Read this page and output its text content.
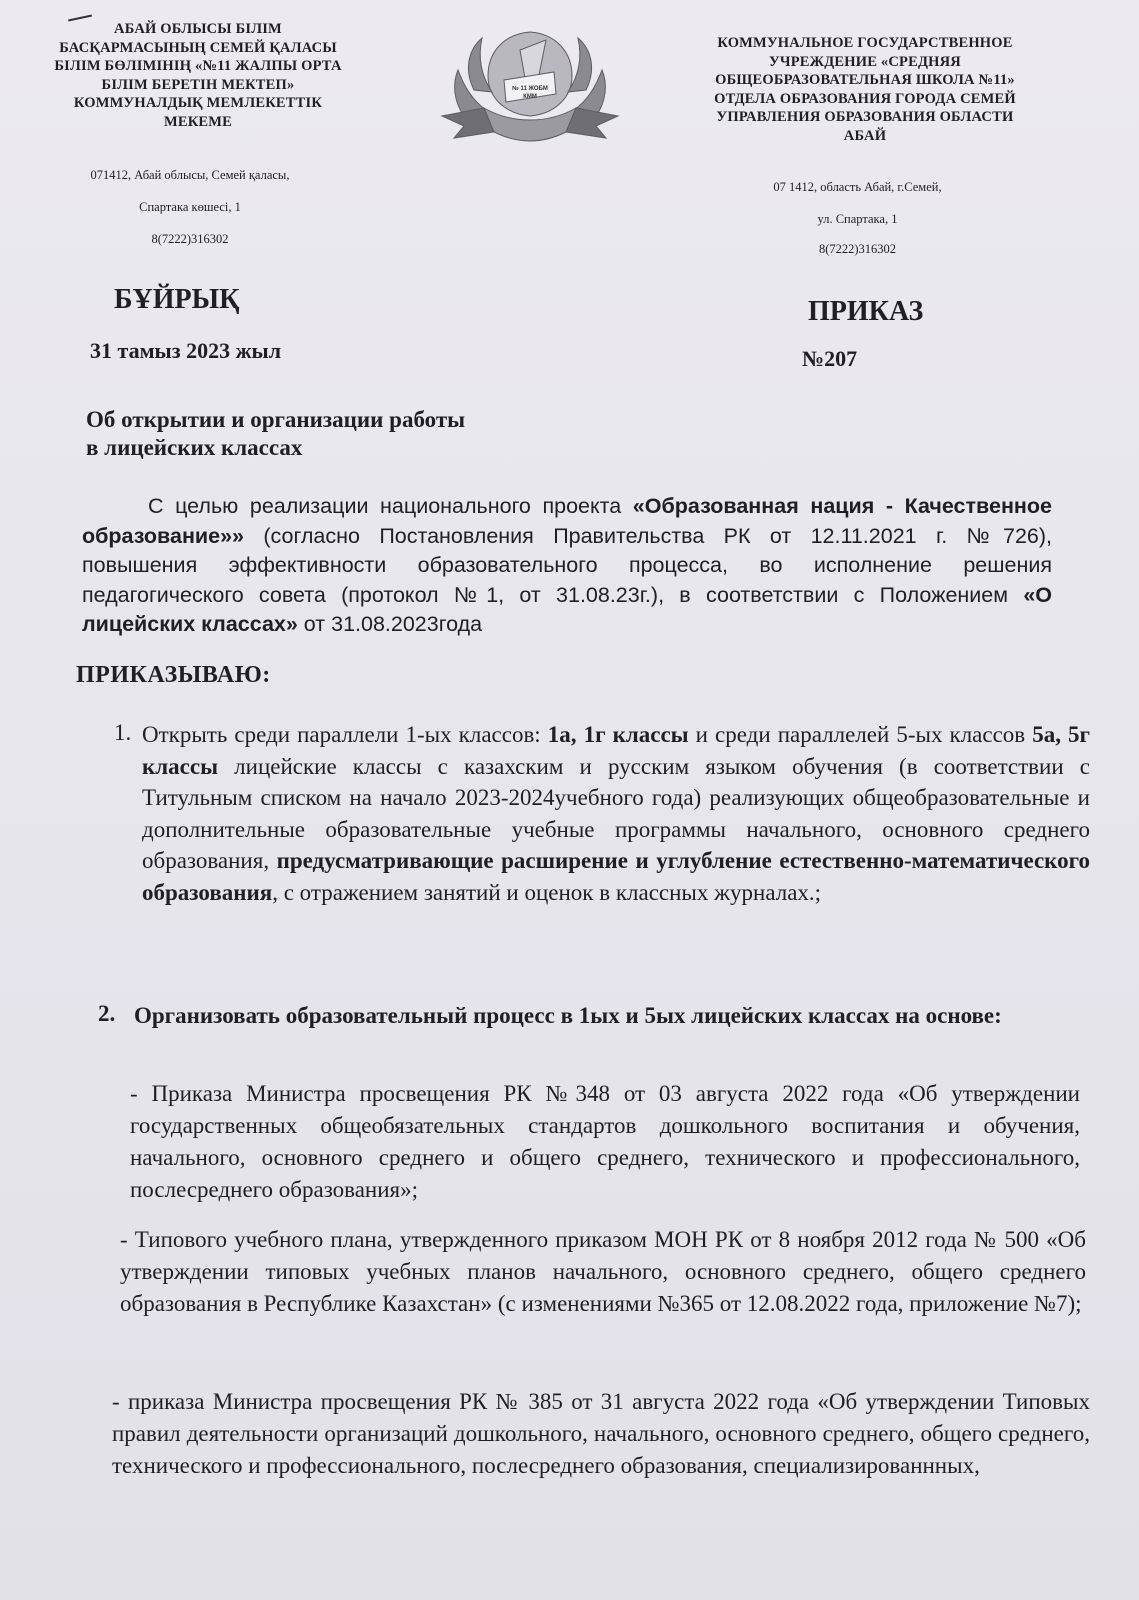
АБАЙ ОБЛЫСЫ БІЛІМ
БАСҚАРМАСЫНЫҢ СЕМЕЙ ҚАЛАСЫ
БІЛІМ БӨЛІМІНІҢ «№11 ЖАЛПЫ ОРТА
БІЛІМ БЕРЕТІН МЕКТЕП»
КОММУНАЛДЫҚ МЕМЛЕКЕТТІК
МЕКЕМЕ
071412, Абай облысы, Семей қаласы,
Спартака көшесі, 1
8(7222)316302
№ 11 ЖОБМ
КММ
КОММУНАЛЬНОЕ ГОСУДАРСТВЕННОЕ
УЧРЕЖДЕНИЕ «СРЕДНЯЯ
ОБЩЕОБРАЗОВАТЕЛЬНАЯ ШКОЛА №11»
ОТДЕЛА ОБРАЗОВАНИЯ ГОРОДА СЕМЕЙ
УПРАВЛЕНИЯ ОБРАЗОВАНИЯ ОБЛАСТИ
АБАЙ
07 1412, область Абай, г.Семей,
ул. Спартака, 1
8(7222)316302
БҰЙРЫҚ	ПРИКАЗ
31 тамыз 2023 жыл	№207
Об открытии и организации работы
в лицейских классах
С целью реализации национального проекта «Образованная нация - Качественное образование»» (согласно Постановления Правительства РК от 12.11.2021 г. №726), повышения эффективности образовательного процесса, во исполнение решения педагогического совета (протокол №1, от 31.08.23г.), в соответствии с Положением «О лицейских классах» от 31.08.2023года
ПРИКАЗЫВАЮ:
1. Открыть среди параллели 1-ых классов: 1а, 1г классы и среди параллелей 5-ых классов 5а, 5г классы лицейские классы с казахским и русским языком обучения (в соответствии с Титульным списком на начало 2023-2024учебного года) реализующих общеобразовательные и дополнительные образовательные учебные программы начального, основного среднего образования, предусматривающие расширение и углубление естественно-математического образования, с отражением занятий и оценок в классных журналах.;
2. Организовать образовательный процесс в 1ых и 5ых лицейских классах на основе:
- Приказа Министра просвещения РК №348 от 03 августа 2022 года «Об утверждении государственных общеобязательных стандартов дошкольного воспитания и обучения, начального, основного среднего и общего среднего, технического и профессионального, послесреднего образования»;
- Типового учебного плана, утвержденного приказом МОН РК от 8 ноября 2012 года № 500 «Об утверждении типовых учебных планов начального, основного среднего, общего среднего образования в Республике Казахстан» (с изменениями №365 от 12.08.2022 года, приложение №7);
- приказа Министра просвещения РК № 385 от 31 августа 2022 года «Об утверждении Типовых правил деятельности организаций дошкольного, начального, основного среднего, общего среднего, технического и профессионального, послесреднего образования, специализированнных,
